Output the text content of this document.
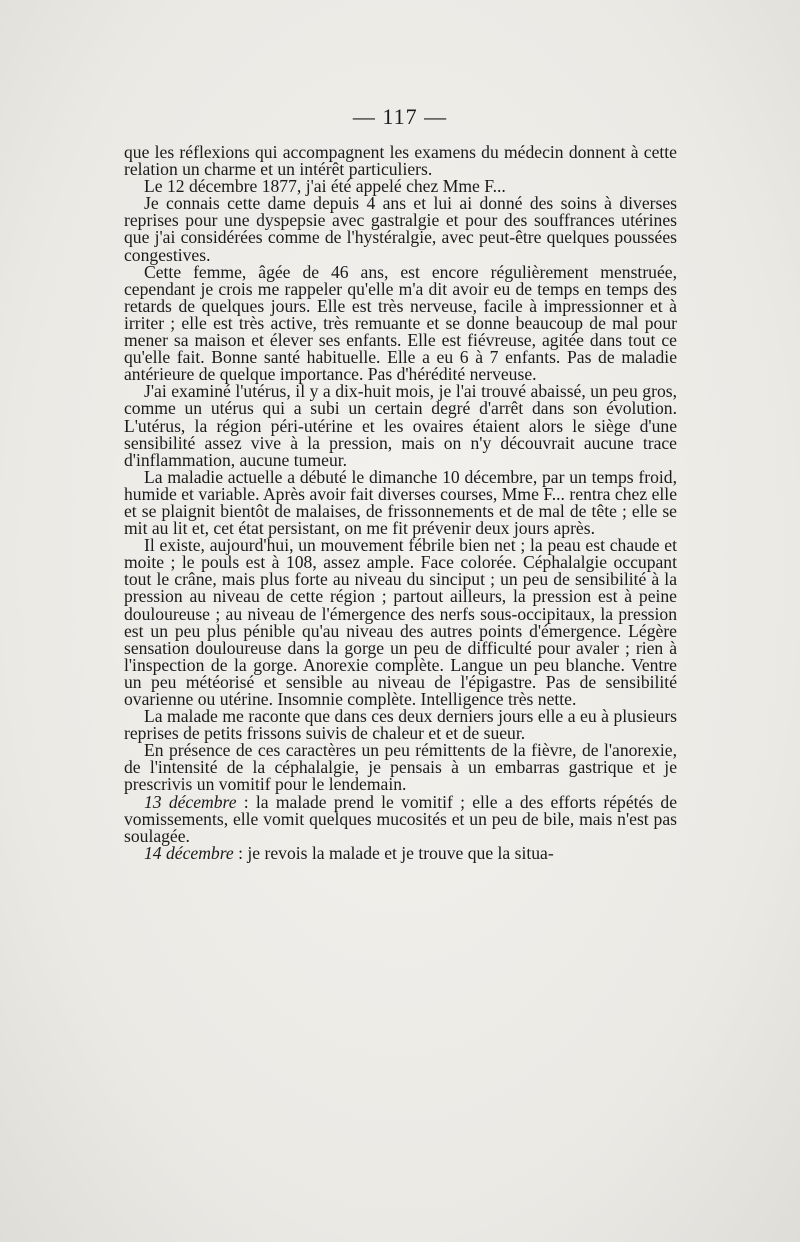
— 117 —

que les réflexions qui accompagnent les examens du médecin donnent à cette relation un charme et un intérêt particuliers.

Le 12 décembre 1877, j'ai été appelé chez Mme F...

Je connais cette dame depuis 4 ans et lui ai donné des soins à diverses reprises pour une dyspepsie avec gastralgie et pour des souffrances utérines que j'ai considérées comme de l'hystéralgie, avec peut-être quelques poussées congestives.

Cette femme, âgée de 46 ans, est encore régulièrement menstruée, cependant je crois me rappeler qu'elle m'a dit avoir eu de temps en temps des retards de quelques jours. Elle est très nerveuse, facile à impressionner et à irriter ; elle est très active, très remuante et se donne beaucoup de mal pour mener sa maison et élever ses enfants. Elle est fiévreuse, agitée dans tout ce qu'elle fait. Bonne santé habituelle. Elle a eu 6 à 7 enfants. Pas de maladie antérieure de quelque importance. Pas d'hérédité nerveuse.

J'ai examiné l'utérus, il y a dix-huit mois, je l'ai trouvé abaissé, un peu gros, comme un utérus qui a subi un certain degré d'arrêt dans son évolution. L'utérus, la région péri-utérine et les ovaires étaient alors le siège d'une sensibilité assez vive à la pression, mais on n'y découvrait aucune trace d'inflammation, aucune tumeur.

La maladie actuelle a débuté le dimanche 10 décembre, par un temps froid, humide et variable. Après avoir fait diverses courses, Mme F... rentra chez elle et se plaignit bientôt de malaises, de frissonnements et de mal de tête ; elle se mit au lit et, cet état persistant, on me fit prévenir deux jours après.

Il existe, aujourd'hui, un mouvement fébrile bien net ; la peau est chaude et moite ; le pouls est à 108, assez ample. Face colorée. Céphalalgie occupant tout le crâne, mais plus forte au niveau du sinciput ; un peu de sensibilité à la pression au niveau de cette région ; partout ailleurs, la pression est à peine douloureuse ; au niveau de l'émergence des nerfs sous-occipitaux, la pression est un peu plus pénible qu'au niveau des autres points d'émergence. Légère sensation douloureuse dans la gorge un peu de difficulté pour avaler ; rien à l'inspection de la gorge. Anorexie complète. Langue un peu blanche. Ventre un peu météorisé et sensible au niveau de l'épigastre. Pas de sensibilité ovarienne ou utérine. Insomnie complète. Intelligence très nette.

La malade me raconte que dans ces deux derniers jours elle a eu à plusieurs reprises de petits frissons suivis de chaleur et et de sueur.

En présence de ces caractères un peu rémittents de la fièvre, de l'anorexie, de l'intensité de la céphalalgie, je pensais à un embarras gastrique et je prescrivis un vomitif pour le lendemain.

13 décembre : la malade prend le vomitif ; elle a des efforts répétés de vomissements, elle vomit quelques mucosités et un peu de bile, mais n'est pas soulagée.

14 décembre : je revois la malade et je trouve que la situa-
